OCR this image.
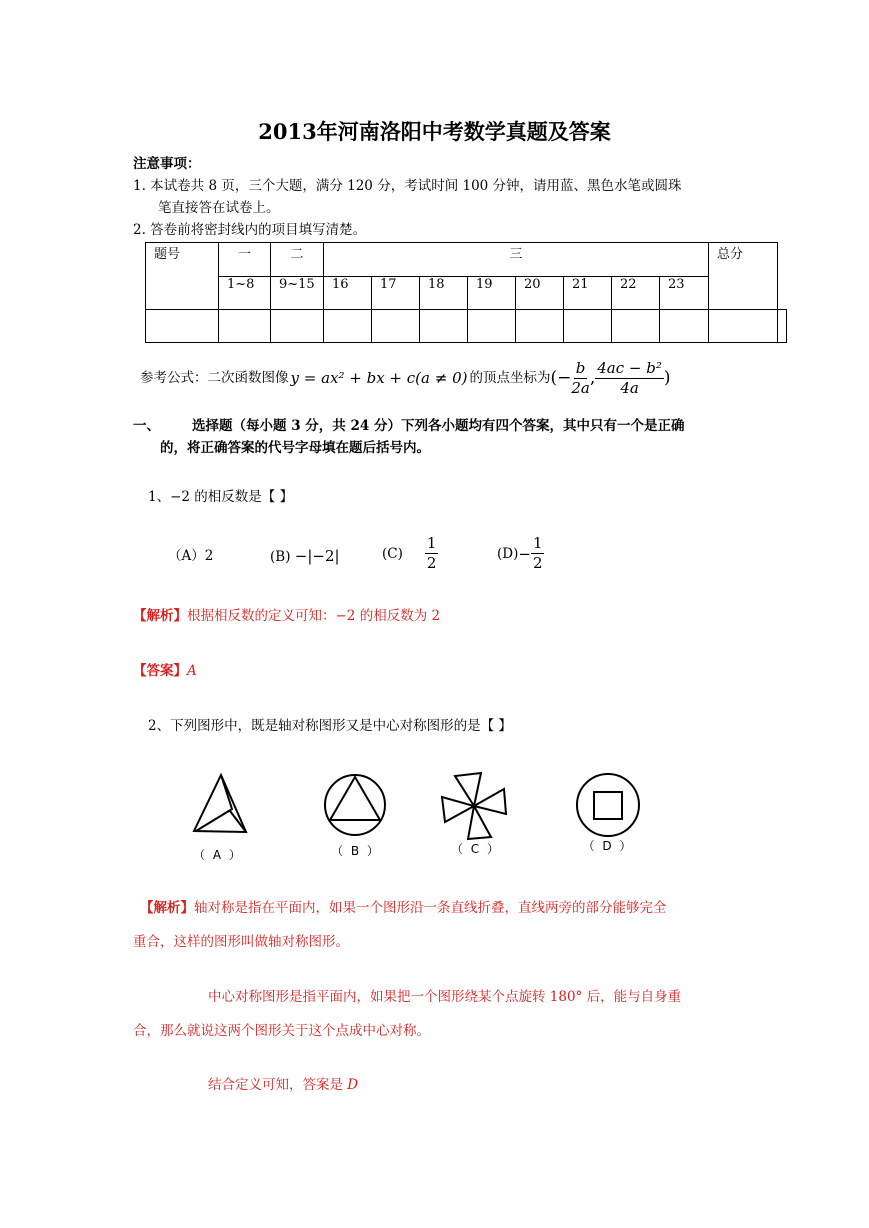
2013年河南洛阳中考数学真题及答案
注意事项：
1. 本试卷共 8 页，三个大题，满分 120 分，考试时间 100 分钟，请用蓝、黑色水笔或圆珠
笔直接答在试卷上。
2. 答卷前将密封线内的项目填写清楚。
题号	一	二	三								总分	
	1~8	9~15	16	17	18	19	20	21	22	23		

参考公式：二次函数图像 y = ax² + bx + c(a ≠ 0) 的顶点坐标为 (− $\frac{b}{2a}$ , $\frac{\text{4ac − b²}}{4a}$ )
一、 选择题（每小题 3 分，共 24 分）下列各小题均有四个答案，其中只有一个是正确
的，将正确答案的代号字母填在题后括号内。
1、−2 的相反数是【 】
（A）2	(B) −|−2|	$(C) \frac{1}{2}$	$(D) - \frac{1}{2}$
【解析】根据相反数的定义可知：−2 的相反数为 2
【答案】A
2、下列图形中，既是轴对称图形又是中心对称图形的是【 】
（ A ）	（ B ）	（ C ）	（ D ）
【解析】轴对称是指在平面内，如果一个图形沿一条直线折叠，直线两旁的部分能够完全
重合，这样的图形叫做轴对称图形。
中心对称图形是指平面内，如果把一个图形绕某个点旋转 180° 后，能与自身重
合，那么就说这两个图形关于这个点成中心对称。
结合定义可知，答案是 D
